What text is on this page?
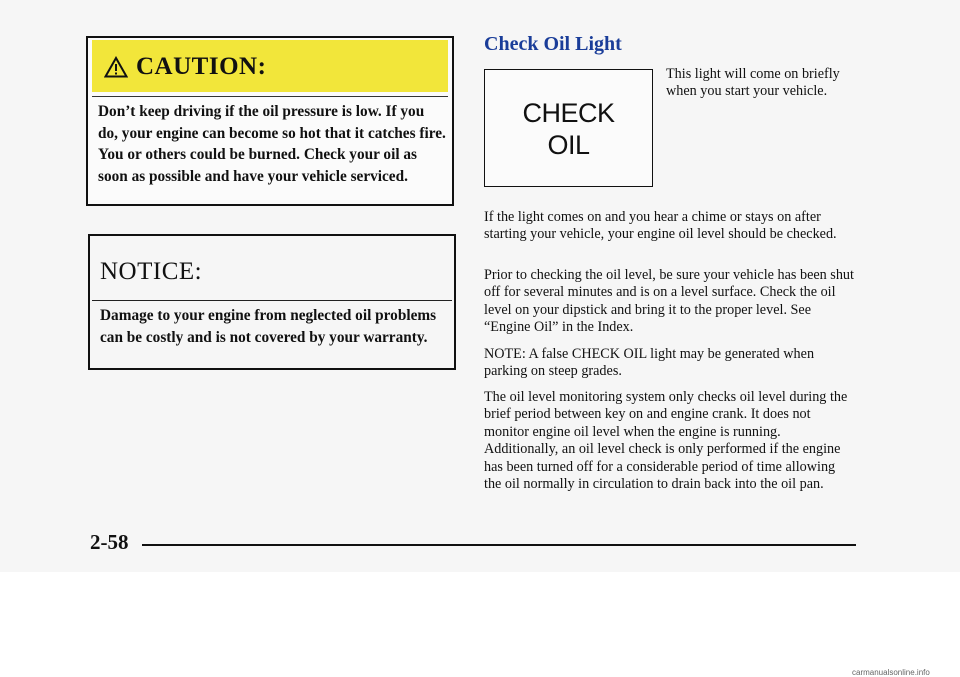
CAUTION:
Don’t keep driving if the oil pressure is low. If you do, your engine can become so hot that it catches fire. You or others could be burned. Check your oil as soon as possible and have your vehicle serviced.
NOTICE:
Damage to your engine from neglected oil problems can be costly and is not covered by your warranty.
Check Oil Light
CHECK
OIL
This light will come on briefly when you start your vehicle.

If the light comes on and you hear a chime or stays on after starting your vehicle, your engine oil level should be checked.

Prior to checking the oil level, be sure your vehicle has been shut off for several minutes and is on a level surface. Check the oil level on your dipstick and bring it to the proper level. See “Engine Oil” in the Index.

NOTE: A false CHECK OIL light may be generated when parking on steep grades.

The oil level monitoring system only checks oil level during the brief period between key on and engine crank. It does not monitor engine oil level when the engine is running. Additionally, an oil level check is only performed if the engine has been turned off for a considerable period of time allowing the oil normally in circulation to drain back into the oil pan.

2-58
carmanualsonline.info
